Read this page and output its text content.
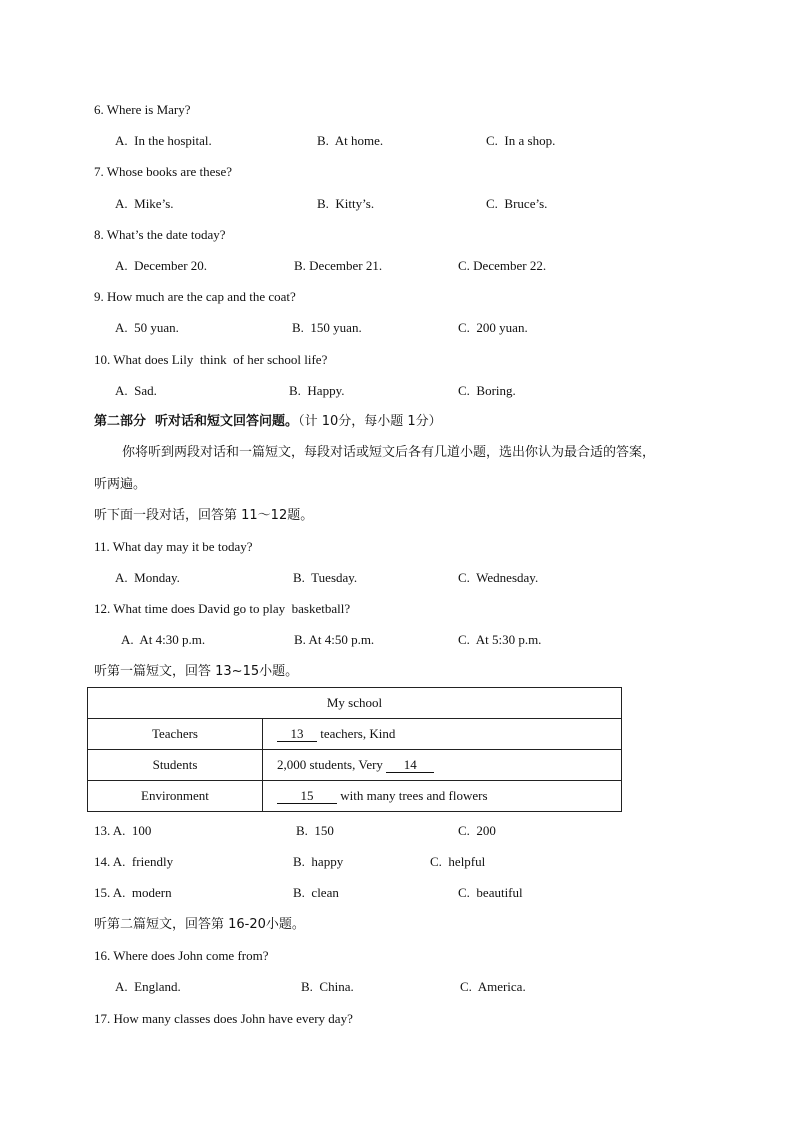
6. Where is Mary?
A.  In the hospital.	B.  At home.	C.  In a shop.
7. Whose books are these?
A.  Mike’s.	B.  Kitty’s.	C.  Bruce’s.
8. What’s the date today?
A.  December 20.	B. December 21.	C. December 22.
9. How much are the cap and the coat?
A.  50 yuan.	B.  150 yuan.	C.  200 yuan.
10. What does Lily  think  of her school life?
A.  Sad.	B.  Happy.	C.  Boring.
第二部分  听对话和短文回答问题。（计 10分，每小题 1分）
你将听到两段对话和一篇短文，每段对话或短文后各有几道小题，选出你认为最合适的答案，
听两遍。
听下面一段对话，回答第 11～12题。
11. What day may it be today?
A.  Monday.	B.  Tuesday.	C.  Wednesday.
12. What time does David go to play  basketball?
A.  At 4:30 p.m.	B. At 4:50 p.m.	C.  At 5:30 p.m.
听第一篇短文，回答 13~15小题。
My school	
Teachers	13 teachers, Kind
Students	2,000 students, Very 14
Environment	15 with many trees and flowers
13. A.  100	B.  150	C.  200
14. A.  friendly	B.  happy	C.  helpful
15. A.  modern	B.  clean	C.  beautiful
听第二篇短文，回答第 16-20小题。
16. Where does John come from?
A.  England.	B.  China.	C.  America.
17. How many classes does John have every day?
